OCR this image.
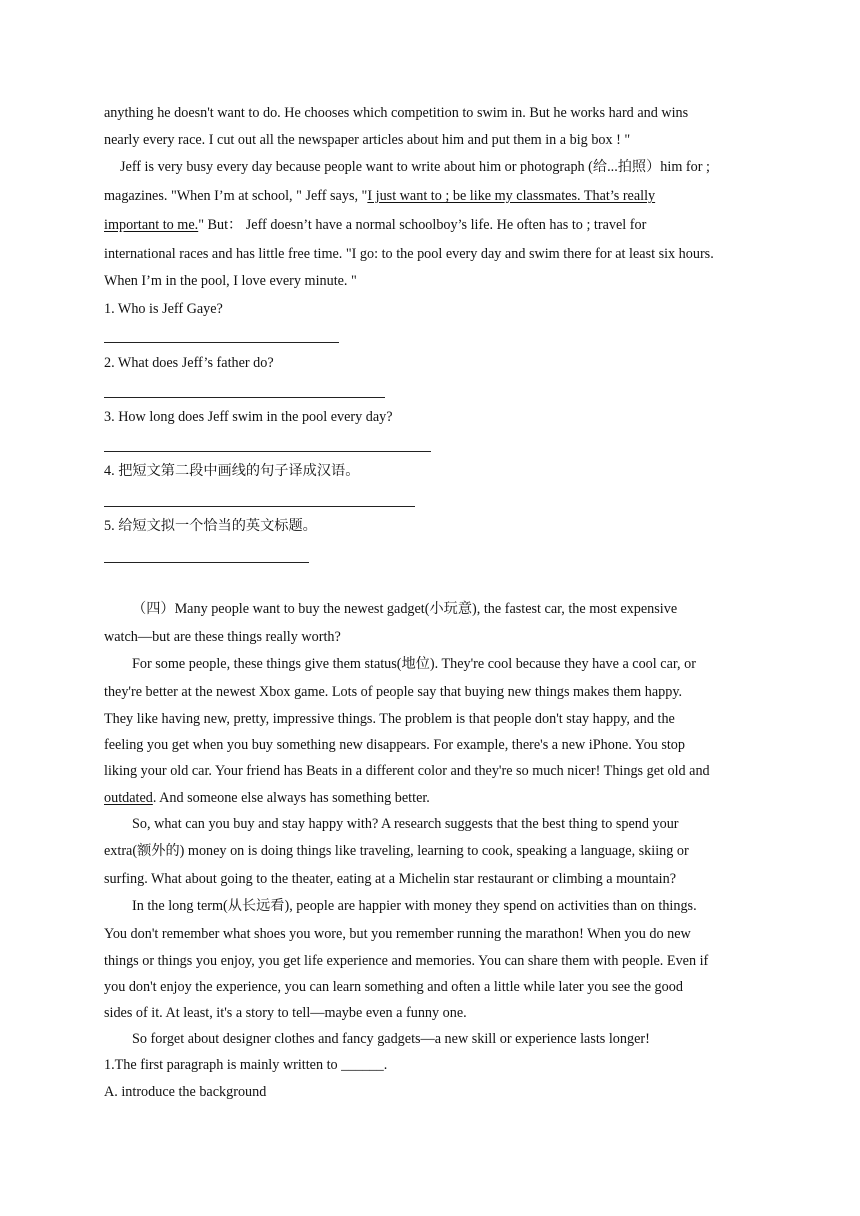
anything he doesn't want to do. He chooses which competition to swim in. But he works hard and wins
nearly every race. I cut out all the newspaper articles about him and put them in a big box ! "
Jeff is very busy every day because people want to write about him or photograph (给...拍照）him for ;
magazines. "When I’m at school, " Jeff says, "I just want to ; be like my classmates. That’s really
important to me." But： Jeff doesn’t have a normal schoolboy’s life. He often has to ; travel for
international races and has little free time. "I go: to the pool every day and swim there for at least six hours.
When I’m in the pool, I love every minute. "
1. Who is Jeff Gaye?
2. What does Jeff’s father do?
3. How long does Jeff swim in the pool every day?
4. 把短文第二段中画线的句子译成汉语。
5. 给短文拟一个恰当的英文标题。
（四）Many people want to buy the newest gadget(小玩意), the fastest car, the most expensive
watch—but are these things really worth?
For some people, these things give them status(地位). They're cool because they have a cool car, or
they're better at the newest Xbox game. Lots of people say that buying new things makes them happy.
They like having new, pretty, impressive things. The problem is that people don't stay happy, and the
feeling you get when you buy something new disappears. For example, there's a new iPhone. You stop
liking your old car. Your friend has Beats in a different color and they're so much nicer! Things get old and
outdated. And someone else always has something better.
So, what can you buy and stay happy with? A research suggests that the best thing to spend your
extra(额外的) money on is doing things like traveling, learning to cook, speaking a language, skiing or
surfing. What about going to the theater, eating at a Michelin star restaurant or climbing a mountain?
In the long term(从长远看), people are happier with money they spend on activities than on things.
You don't remember what shoes you wore, but you remember running the marathon! When you do new
things or things you enjoy, you get life experience and memories. You can share them with people. Even if
you don't enjoy the experience, you can learn something and often a little while later you see the good
sides of it. At least, it's a story to tell—maybe even a funny one.
So forget about designer clothes and fancy gadgets—a new skill or experience lasts longer!
1.The first paragraph is mainly written to ______.
A. introduce the background
